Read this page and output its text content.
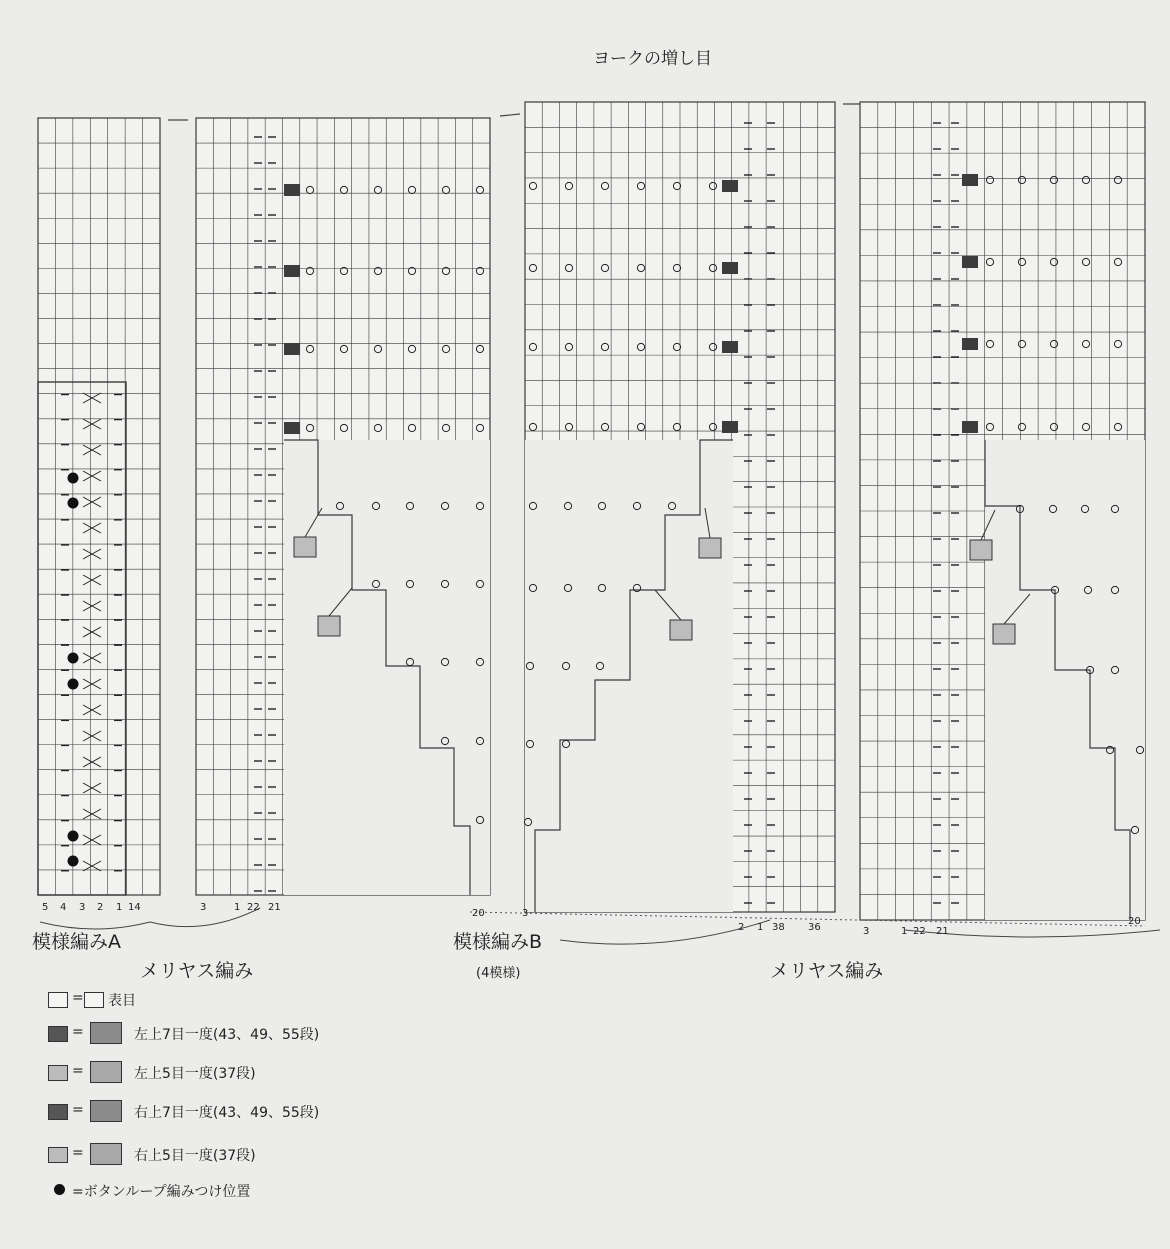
ヨークの増し目
5 4 3 2 1 14	3	1 22 21
20	3
2 1 38 36	3	1 22 21
20
模様編みA
メリヤス編み
模様編みB
(4模様)	メリヤス編み
= 表目
=	左上7目一度(43、49、55段)
=	左上5目一度(37段)
=	右上7目一度(43、49、55段)
=	右上5目一度(37段)
=ボタンループ編みつけ位置
